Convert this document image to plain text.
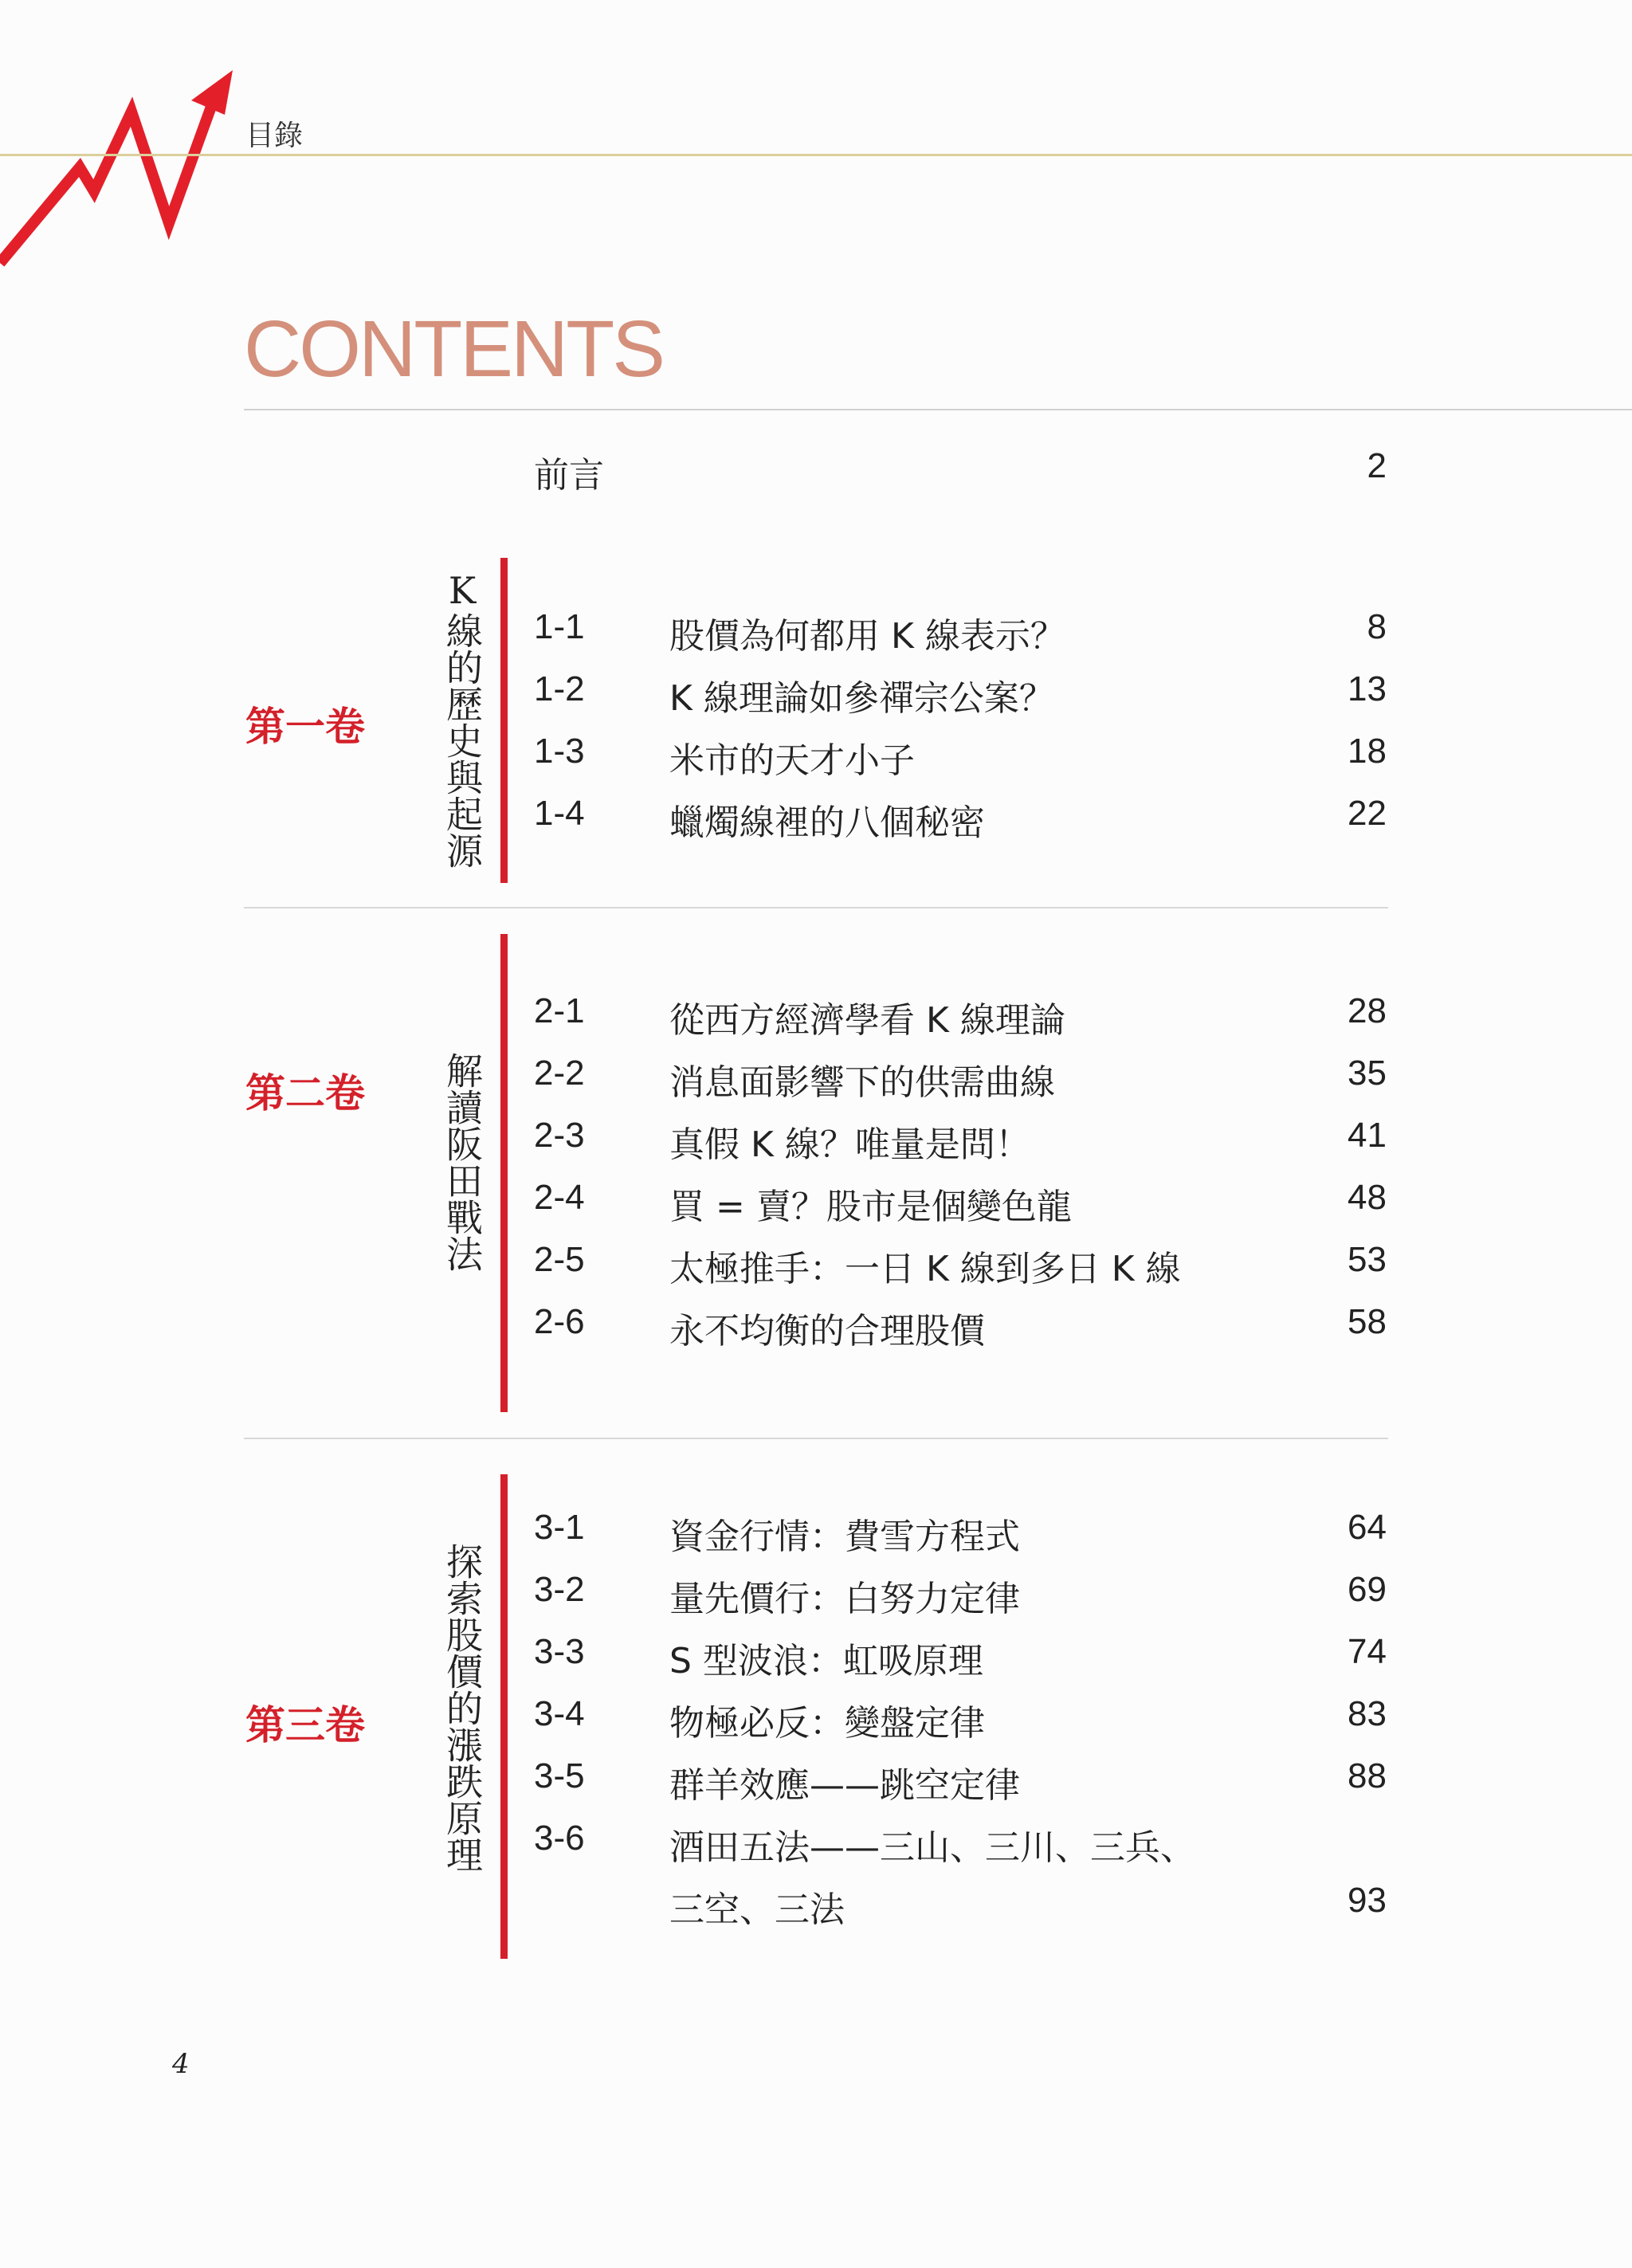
目錄
CONTENTS
前言	2
第一卷 K線的歷史與起源 1-1 股價為何都用 K 線表示？	8
1-2 K 線理論如參禪宗公案？	13
1-3 米市的天才小子	18
1-4 蠟燭線裡的八個秘密	22
第二卷 解讀阪田戰法
2-1 從西方經濟學看 K 線理論	28
2-2 消息面影響下的供需曲線	35
2-3 真假 K 線？唯量是問！	41
2-4 買 = 賣？股市是個變色龍	48
2-5 太極推手：一日 K 線到多日 K 線	53
2-6 永不均衡的合理股價	58
第三卷 探索股價的漲跌原理
3-1 資金行情：費雪方程式	64
3-2 量先價行：白努力定律	69
3-3 S 型波浪：虹吸原理	74
3-4 物極必反：變盤定律	83
3-5 群羊效應——跳空定律	88
3-6 酒田五法——三山、三川、三兵、
三空、三法	93
4
